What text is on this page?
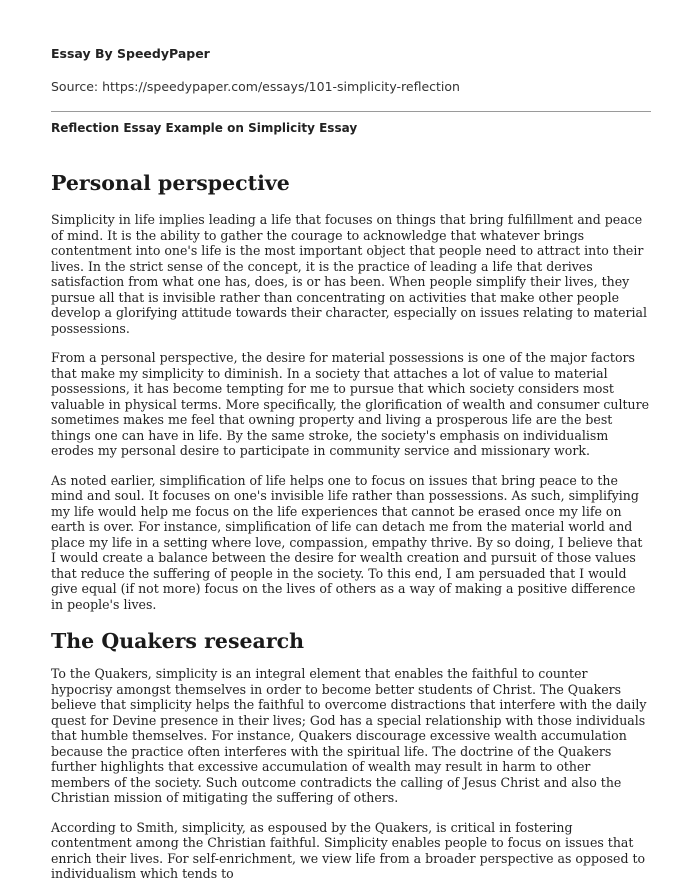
Essay By SpeedyPaper
Source: https://speedypaper.com/essays/101-simplicity-reflection
Reflection Essay Example on Simplicity Essay
Personal perspective

Simplicity in life implies leading a life that focuses on things that bring fulfillment and peace of mind. It is the ability to gather the courage to acknowledge that whatever brings contentment into one's life is the most important object that people need to attract into their lives. In the strict sense of the concept, it is the practice of leading a life that derives satisfaction from what one has, does, is or has been. When people simplify their lives, they pursue all that is invisible rather than concentrating on activities that make other people develop a glorifying attitude towards their character, especially on issues relating to material possessions.

From a personal perspective, the desire for material possessions is one of the major factors that make my simplicity to diminish. In a society that attaches a lot of value to material possessions, it has become tempting for me to pursue that which society considers most valuable in physical terms. More specifically, the glorification of wealth and consumer culture sometimes makes me feel that owning property and living a prosperous life are the best things one can have in life. By the same stroke, the society's emphasis on individualism erodes my personal desire to participate in community service and missionary work.

As noted earlier, simplification of life helps one to focus on issues that bring peace to the mind and soul. It focuses on one's invisible life rather than possessions. As such, simplifying my life would help me focus on the life experiences that cannot be erased once my life on earth is over. For instance, simplification of life can detach me from the material world and place my life in a setting where love, compassion, empathy thrive. By so doing, I believe that I would create a balance between the desire for wealth creation and pursuit of those values that reduce the suffering of people in the society. To this end, I am persuaded that I would give equal (if not more) focus on the lives of others as a way of making a positive difference in people's lives.

The Quakers research

To the Quakers, simplicity is an integral element that enables the faithful to counter hypocrisy amongst themselves in order to become better students of Christ. The Quakers believe that simplicity helps the faithful to overcome distractions that interfere with the daily quest for Devine presence in their lives; God has a special relationship with those individuals that humble themselves. For instance, Quakers discourage excessive wealth accumulation because the practice often interferes with the spiritual life. The doctrine of the Quakers further highlights that excessive accumulation of wealth may result in harm to other members of the society. Such outcome contradicts the calling of Jesus Christ and also the Christian mission of mitigating the suffering of others.

According to Smith, simplicity, as espoused by the Quakers, is critical in fostering contentment among the Christian faithful. Simplicity enables people to focus on issues that enrich their lives. For self-enrichment, we view life from a broader perspective as opposed to individualism which tends to
